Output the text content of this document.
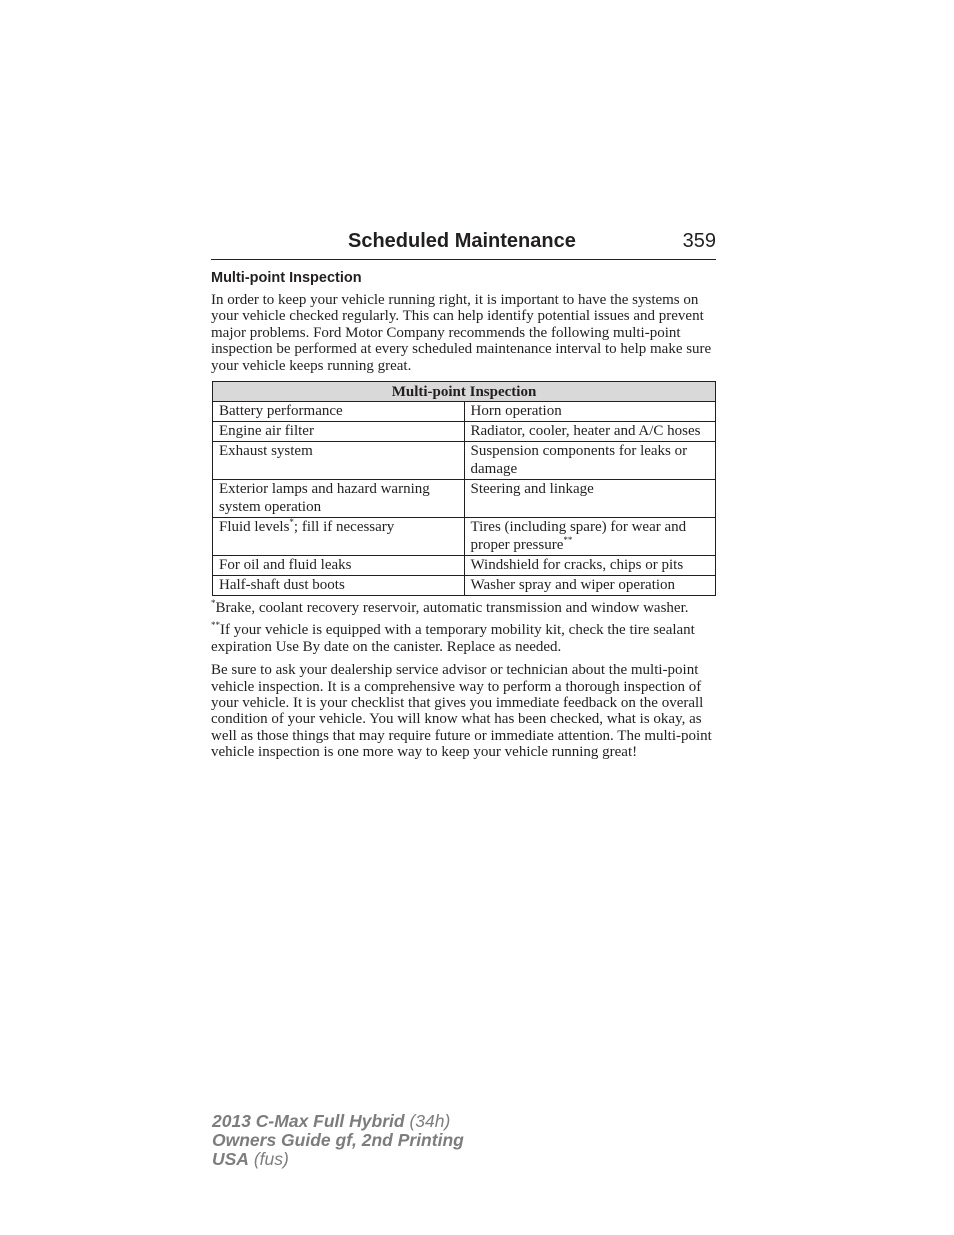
Scheduled Maintenance	359
Multi-point Inspection

In order to keep your vehicle running right, it is important to have the systems on your vehicle checked regularly. This can help identify potential issues and prevent major problems. Ford Motor Company recommends the following multi-point inspection be performed at every scheduled maintenance interval to help make sure your vehicle keeps running great.

Multi-point Inspection	
Battery performance	Horn operation
Engine air filter	Radiator, cooler, heater and A/C hoses
Exhaust system	Suspension components for leaks or damage
Exterior lamps and hazard warning system operation	Steering and linkage
Fluid levels*; fill if necessary	Tires (including spare) for wear and proper pressure**
For oil and fluid leaks	Windshield for cracks, chips or pits
Half-shaft dust boots	Washer spray and wiper operation

*Brake, coolant recovery reservoir, automatic transmission and window washer.

**If your vehicle is equipped with a temporary mobility kit, check the tire sealant expiration Use By date on the canister. Replace as needed.

Be sure to ask your dealership service advisor or technician about the multi-point vehicle inspection. It is a comprehensive way to perform a thorough inspection of your vehicle. It is your checklist that gives you immediate feedback on the overall condition of your vehicle. You will know what has been checked, what is okay, as well as those things that may require future or immediate attention. The multi-point vehicle inspection is one more way to keep your vehicle running great!

2013 C-Max Full Hybrid (34h)
Owners Guide gf, 2nd Printing
USA (fus)
